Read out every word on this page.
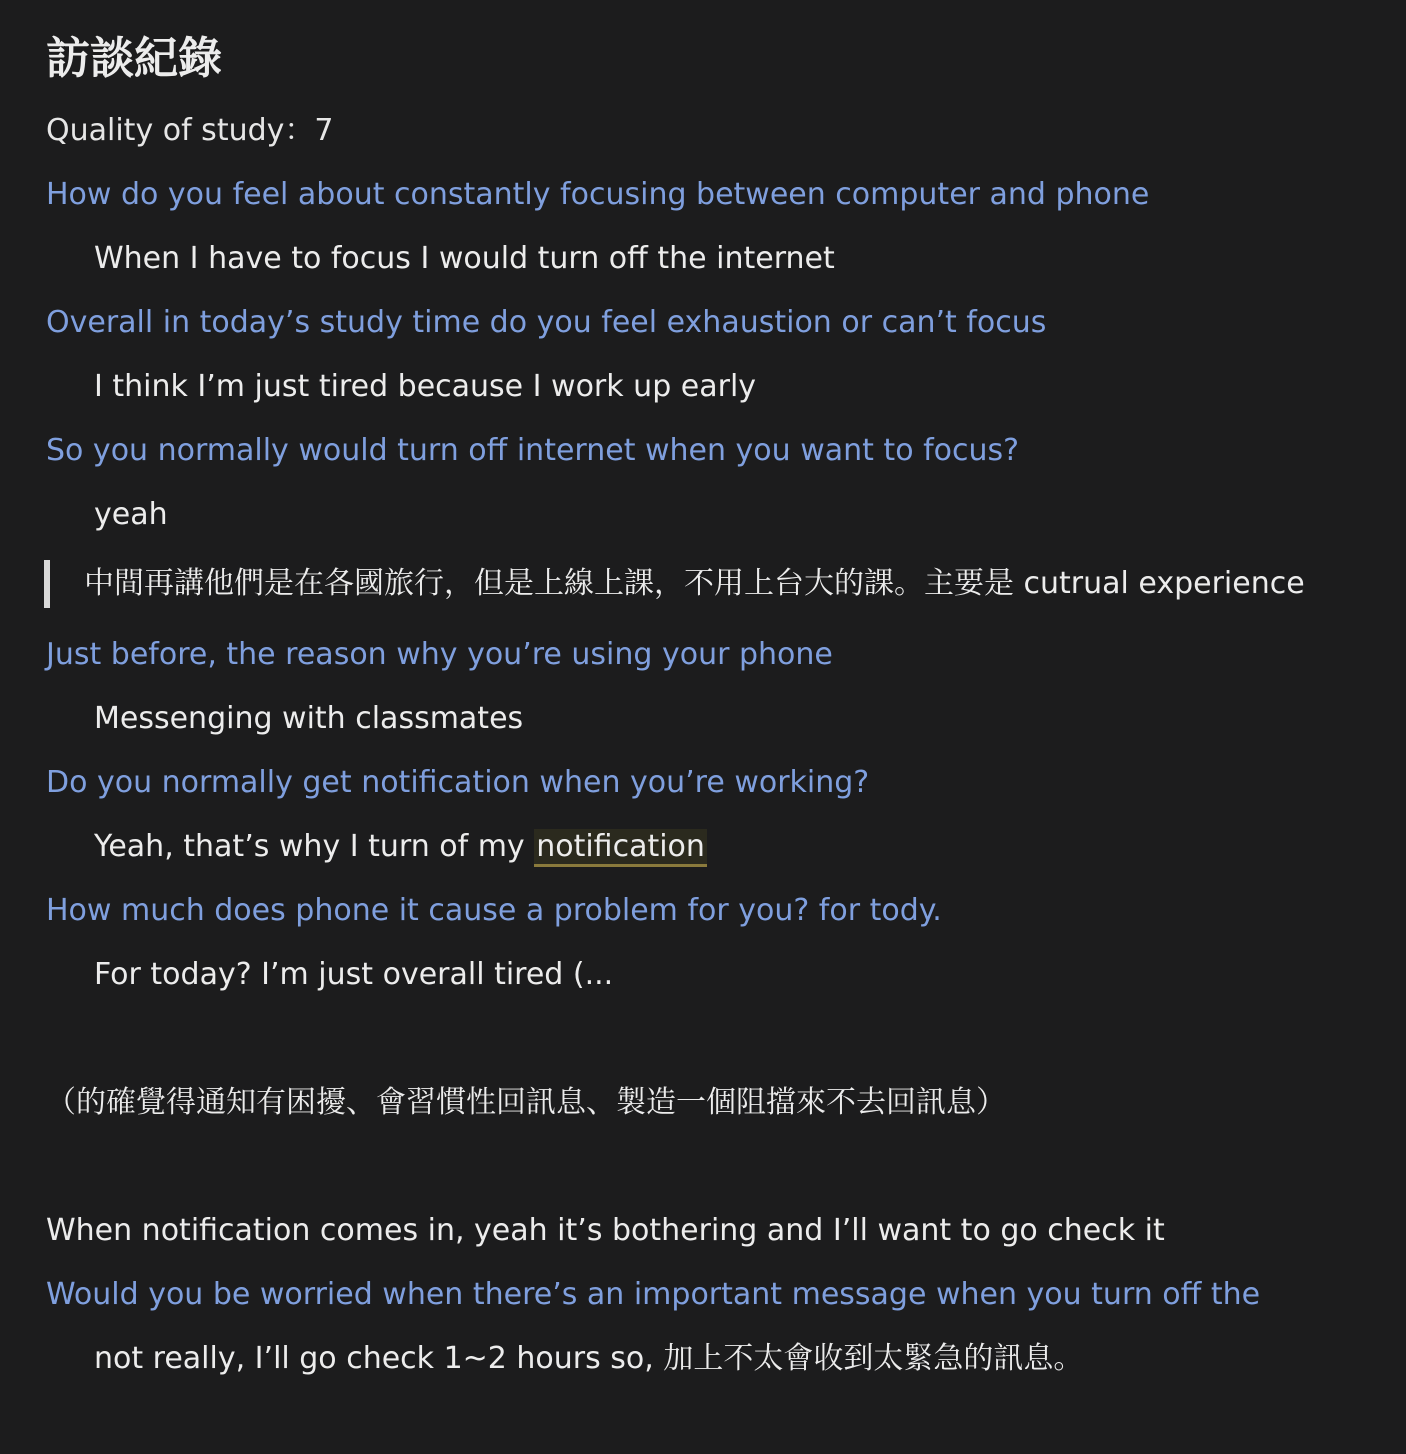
訪談紀錄
Quality of study：7
How do you feel about constantly focusing between computer and phone
When I have to focus I would turn off the internet
Overall in today’s study time do you feel exhaustion or can’t focus
I think I’m just tired because I work up early
So you normally would turn off internet when you want to focus?
yeah
中間再講他們是在各國旅行，但是上線上課，不用上台大的課。主要是 cutrual experience
Just before, the reason why you’re using your phone
Messenging with classmates
Do you normally get notification when you’re working?
Yeah, that’s why I turn of my notification
How much does phone it cause a problem for you? for tody.
For today? I’m just overall tired (...
（的確覺得通知有困擾、會習慣性回訊息、製造一個阻擋來不去回訊息）
When notification comes in, yeah it’s bothering and I’ll want to go check it
Would you be worried when there’s an important message when you turn off the
not really, I’ll go check 1~2 hours so, 加上不太會收到太緊急的訊息。
